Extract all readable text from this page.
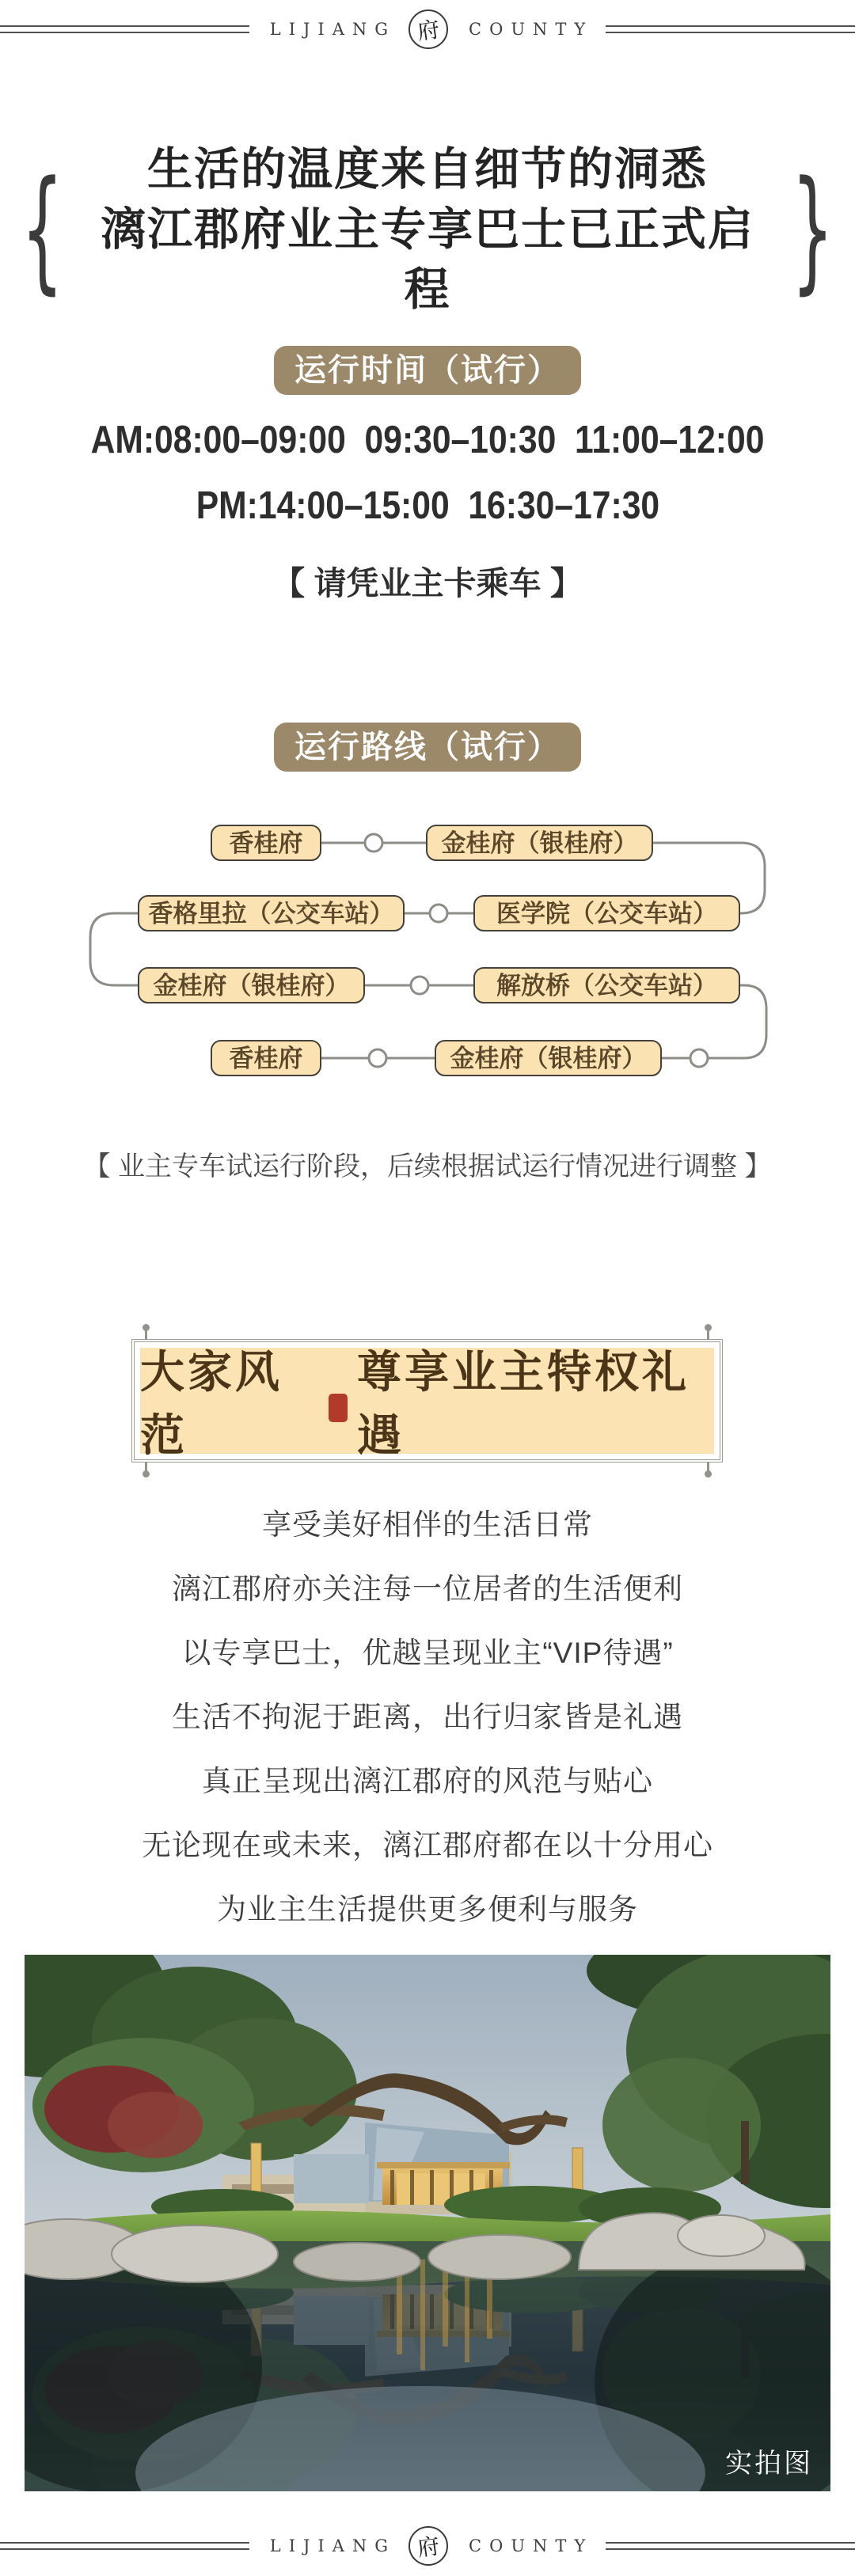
LIJIANG 府	COUNTY
{	生活的温度来自细节的洞悉
漓江郡府业主专享巴士已正式启程	}
运行时间（试行）
AM:08:00–09:00  09:30–10:30  11:00–12:00
PM:14:00–15:00  16:30–17:30
【 请凭业主卡乘车 】
运行路线（试行）
香桂府	金桂府（银桂府）
香格里拉（公交车站）	医学院（公交车站）
金桂府（银桂府）	解放桥（公交车站）
香桂府	金桂府（银桂府）
【 业主专车试运行阶段，后续根据试运行情况进行调整 】
大家风范
尊享业主特权礼遇

享受美好相伴的生活日常

漓江郡府亦关注每一位居者的生活便利

以专享巴士，优越呈现业主“VIP待遇”

生活不拘泥于距离，出行归家皆是礼遇

真正呈现出漓江郡府的风范与贴心

无论现在或未来，漓江郡府都在以十分用心

为业主生活提供更多便利与服务

实拍图
LIJIANG 府	COUNTY
